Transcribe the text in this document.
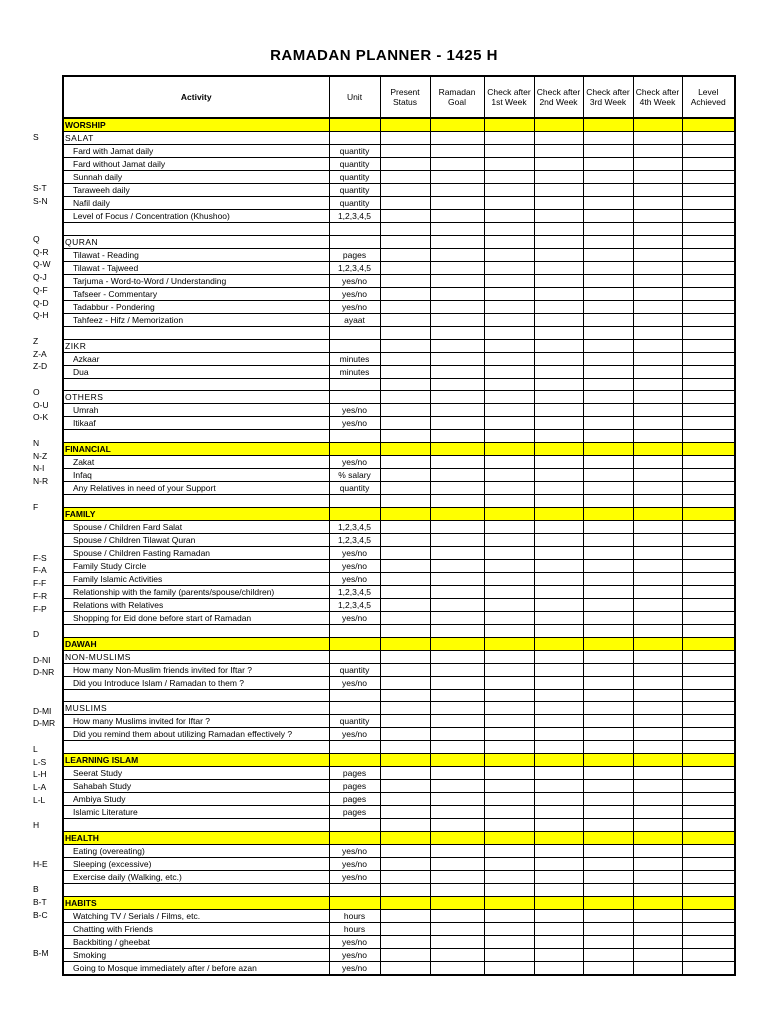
RAMADAN PLANNER - 1425 H
Activity	Unit	Present Status	Ramadan Goal	Check after 1st Week	Check after 2nd Week	Check after 3rd Week	Check after 4th Week	Level Achieved
WORSHIP								
SALAT								
Fard with Jamat daily	quantity							
Fard without Jamat daily	quantity							
Sunnah daily	quantity							
Taraweeh daily	quantity							
Nafil daily	quantity							
Level of Focus / Concentration (Khushoo)	1,2,3,4,5							

QURAN								
Tilawat - Reading	pages							
Tilawat - Tajweed	1,2,3,4,5							
Tarjuma - Word-to-Word / Understanding	yes/no							
Tafseer - Commentary	yes/no							
Tadabbur - Pondering	yes/no							
Tahfeez - Hifz / Memorization	ayaat							

ZIKR								
Azkaar	minutes							
Dua	minutes							

OTHERS								
Umrah	yes/no							
Itikaaf	yes/no							

FINANCIAL								
Zakat	yes/no							
Infaq	% salary							
Any Relatives in need of your Support	quantity							

FAMILY								
Spouse / Children Fard Salat	1,2,3,4,5							
Spouse / Children Tilawat Quran	1,2,3,4,5							
Spouse / Children Fasting Ramadan	yes/no							
Family Study Circle	yes/no							
Family Islamic Activities	yes/no							
Relationship with the family (parents/spouse/children)	1,2,3,4,5							
Relations with Relatives	1,2,3,4,5							
Shopping for Eid done before start of Ramadan	yes/no							

DAWAH								
NON-MUSLIMS								
How many Non-Muslim friends invited for Iftar ?	quantity							
Did you Introduce Islam / Ramadan to them ?	yes/no							

MUSLIMS								
How many Muslims invited for Iftar ?	quantity							
Did you remind them about utilizing Ramadan effectively ?	yes/no							

LEARNING ISLAM								
Seerat Study	pages							
Sahabah Study	pages							
Ambiya Study	pages							
Islamic Literature	pages							

HEALTH								
Eating (overeating)	yes/no							
Sleeping (excessive)	yes/no							
Exercise daily (Walking, etc.)	yes/no							

HABITS								
Watching TV / Serials / Films, etc.	hours							
Chatting with Friends	hours							
Backbiting / gheebat	yes/no							
Smoking	yes/no							
Going to Mosque immediately after / before azan	yes/no							
S
S-T
S-N
Q
Q-R
Q-W
Q-J
Q-F
Q-D
Q-H
Z
Z-A
Z-D
O
O-U
O-K
N
N-Z
N-I
N-R
F
F-S
F-A
F-F
F-R
F-P
D
D-NI
D-NR
D-MI
D-MR
L
L-S
L-H
L-A
L-L
H
H-E
B
B-T
B-C
B-M
